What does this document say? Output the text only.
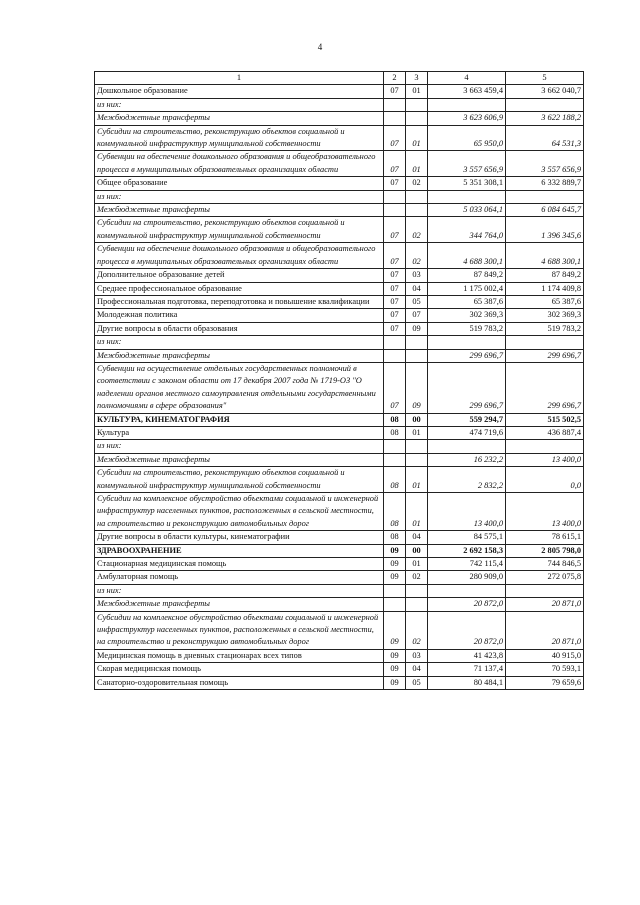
4
1	2	3	4	5
Дошкольное образование	07	01	3 663 459,4	3 662 040,7
из них:				
Межбюджетные трансферты			3 623 606,9	3 622 188,2
Субсидии на строительство, реконструкцию объектов социальной и коммунальной инфраструктур муниципальной собственности	07	01	65 950,0	64 531,3
Субвенции на обеспечение дошкольного образования и общеобразовательного процесса в муниципальных образовательных организациях области	07	01	3 557 656,9	3 557 656,9
Общее образование	07	02	5 351 308,1	6 332 889,7
из них:				
Межбюджетные трансферты			5 033 064,1	6 084 645,7
Субсидии на строительство, реконструкцию объектов социальной и коммунальной инфраструктур муниципальной собственности	07	02	344 764,0	1 396 345,6
Субвенции на обеспечение дошкольного образования и общеобразовательного процесса в муниципальных образовательных организациях области	07	02	4 688 300,1	4 688 300,1
Дополнительное образование детей	07	03	87 849,2	87 849,2
Среднее профессиональное образование	07	04	1 175 002,4	1 174 409,8
Профессиональная подготовка, переподготовка и повышение квалификации	07	05	65 387,6	65 387,6
Молодежная политика	07	07	302 369,3	302 369,3
Другие вопросы в области образования	07	09	519 783,2	519 783,2
из них:				
Межбюджетные трансферты			299 696,7	299 696,7
Субвенции на осуществление отдельных государственных полномочий в соответствии с законом области от 17 декабря 2007 года № 1719-ОЗ "О наделении органов местного самоуправления отдельными государственными полномочиями в сфере образования"	07	09	299 696,7	299 696,7
КУЛЬТУРА, КИНЕМАТОГРАФИЯ	08	00	559 294,7	515 502,5
Культура	08	01	474 719,6	436 887,4
из них:				
Межбюджетные трансферты			16 232,2	13 400,0
Субсидии на строительство, реконструкцию объектов социальной и коммунальной инфраструктур муниципальной собственности	08	01	2 832,2	0,0
Субсидии на комплексное обустройство объектами социальной и инженерной инфраструктур населенных пунктов, расположенных в сельской местности, на строительство и реконструкцию автомобильных дорог	08	01	13 400,0	13 400,0
Другие вопросы в области культуры, кинематографии	08	04	84 575,1	78 615,1
ЗДРАВООХРАНЕНИЕ	09	00	2 692 158,3	2 805 798,0
Стационарная медицинская помощь	09	01	742 115,4	744 846,5
Амбулаторная помощь	09	02	280 909,0	272 075,8
из них:				
Межбюджетные трансферты			20 872,0	20 871,0
Субсидии на комплексное обустройство объектами социальной и инженерной инфраструктур населенных пунктов, расположенных в сельской местности, на строительство и реконструкцию автомобильных дорог	09	02	20 872,0	20 871,0
Медицинская помощь в дневных стационарах всех типов	09	03	41 423,8	40 915,0
Скорая медицинская помощь	09	04	71 137,4	70 593,1
Санаторно-оздоровительная помощь	09	05	80 484,1	79 659,6
